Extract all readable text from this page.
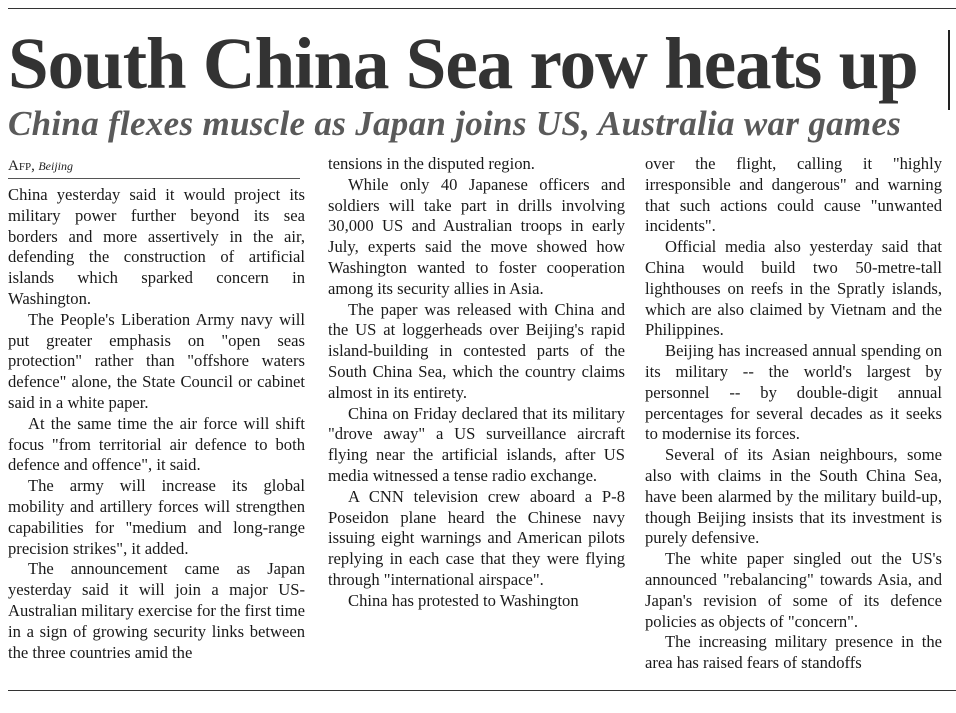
South China Sea row heats up
China flexes muscle as Japan joins US, Australia war games
Afp, Beijing

China yesterday said it would project its military power further beyond its sea borders and more assertively in the air, defending the construction of artificial islands which sparked concern in Washington.

The People's Liberation Army navy will put greater emphasis on "open seas protection" rather than "offshore waters defence" alone, the State Council or cabinet said in a white paper.

At the same time the air force will shift focus "from territorial air defence to both defence and offence", it said.

The army will increase its global mobility and artillery forces will strengthen capabilities for "medium and long-range precision strikes", it added.

The announcement came as Japan yesterday said it will join a major US-Australian military exercise for the first time in a sign of growing security links between the three countries amid the

tensions in the disputed region.

While only 40 Japanese officers and soldiers will take part in drills involving 30,000 US and Australian troops in early July, experts said the move showed how Washington wanted to foster cooperation among its security allies in Asia.

The paper was released with China and the US at loggerheads over Beijing's rapid island-building in contested parts of the South China Sea, which the country claims almost in its entirety.

China on Friday declared that its military "drove away" a US surveillance aircraft flying near the artificial islands, after US media witnessed a tense radio exchange.

A CNN television crew aboard a P-8 Poseidon plane heard the Chinese navy issuing eight warnings and American pilots replying in each case that they were flying through "international airspace".

China has protested to Washington

over the flight, calling it "highly irresponsible and dangerous" and warning that such actions could cause "unwanted incidents".

Official media also yesterday said that China would build two 50-metre-tall lighthouses on reefs in the Spratly islands, which are also claimed by Vietnam and the Philippines.

Beijing has increased annual spending on its military -- the world's largest by personnel -- by double-digit annual percentages for several decades as it seeks to modernise its forces.

Several of its Asian neighbours, some also with claims in the South China Sea, have been alarmed by the military build-up, though Beijing insists that its investment is purely defensive.

The white paper singled out the US's announced "rebalancing" towards Asia, and Japan's revision of some of its defence policies as objects of "concern".

The increasing military presence in the area has raised fears of standoffs
